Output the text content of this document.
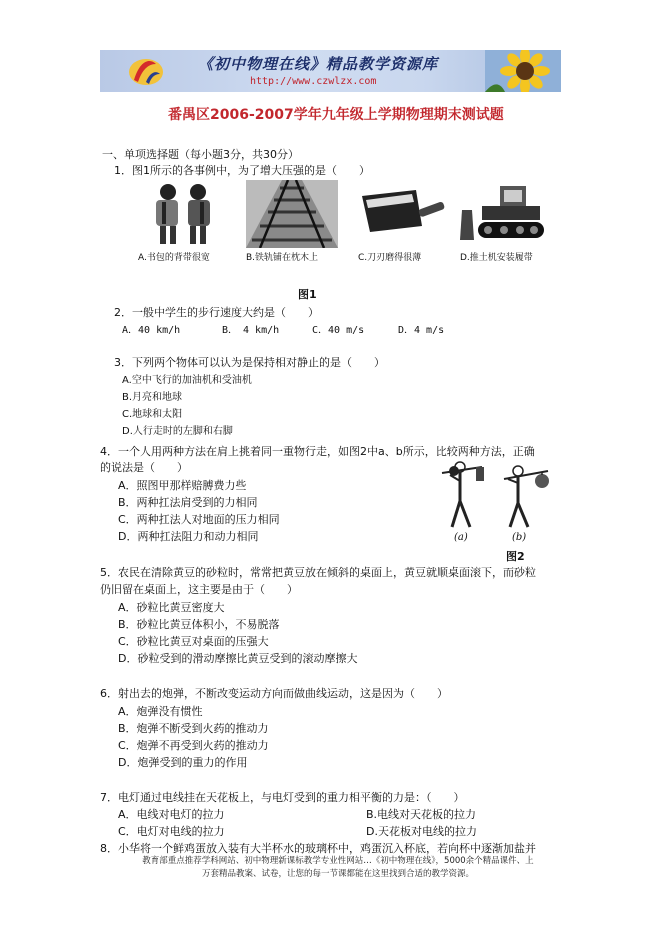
《初中物理在线》精品教学资源库
http://www.czwlzx.com
番禺区2006-2007学年九年级上学期物理期末测试题
一、单项选择题（每小题3分，共30分）
1．图1所示的各事例中，为了增大压强的是（　　）
A.书包的背带很宽	B.铁轨铺在枕木上	C.刀刃磨得很薄	D.推土机安装履带
图1
2．一般中学生的步行速度大约是（　　）
A．40 km/h	B．　4 km/h	C．40 m/s	D．4 m/s
3．下列两个物体可以认为是保持相对静止的是（　　）
A.空中飞行的加油机和受油机
B.月亮和地球
C.地球和太阳
D.人行走时的左脚和右脚
4．一个人用两种方法在肩上挑着同一重物行走，如图2中a、b所示，比较两种方法，正确
的说法是（　　）
A．照图甲那样赔膊费力些
B．两种扛法肩受到的力相同
C．两种扛法人对地面的压力相同
D．两种扛法阻力和动力相同	(a)	(b)
图2
5．农民在清除黄豆的砂粒时，常常把黄豆放在倾斜的桌面上，黄豆就顺桌面滚下，而砂粒
仍旧留在桌面上，这主要是由于（　　）
A．砂粒比黄豆密度大
B．砂粒比黄豆体积小，不易脱落
C．砂粒比黄豆对桌面的压强大
D．砂粒受到的滑动摩擦比黄豆受到的滚动摩擦大
6．射出去的炮弹，不断改变运动方向而做曲线运动，这是因为（　　）
A．炮弹没有惯性
B．炮弹不断受到火药的推动力
C．炮弹不再受到火药的推动力
D．炮弹受到的重力的作用
7．电灯通过电线挂在天花板上，与电灯受到的重力相平衡的力是：（　　）
A．电线对电灯的拉力	B.电线对天花板的拉力
C．电灯对电线的拉力	D.天花板对电线的拉力
8．小华将一个鲜鸡蛋放入装有大半杯水的玻璃杯中，鸡蛋沉入杯底，若向杯中逐渐加盐并
教育部重点推荐学科网站、初中物理新课标教学专业性网站…《初中物理在线》，5000余个精品课件、上
万套精品教案、试卷，让您的每一节课都能在这里找到合适的教学资源。
